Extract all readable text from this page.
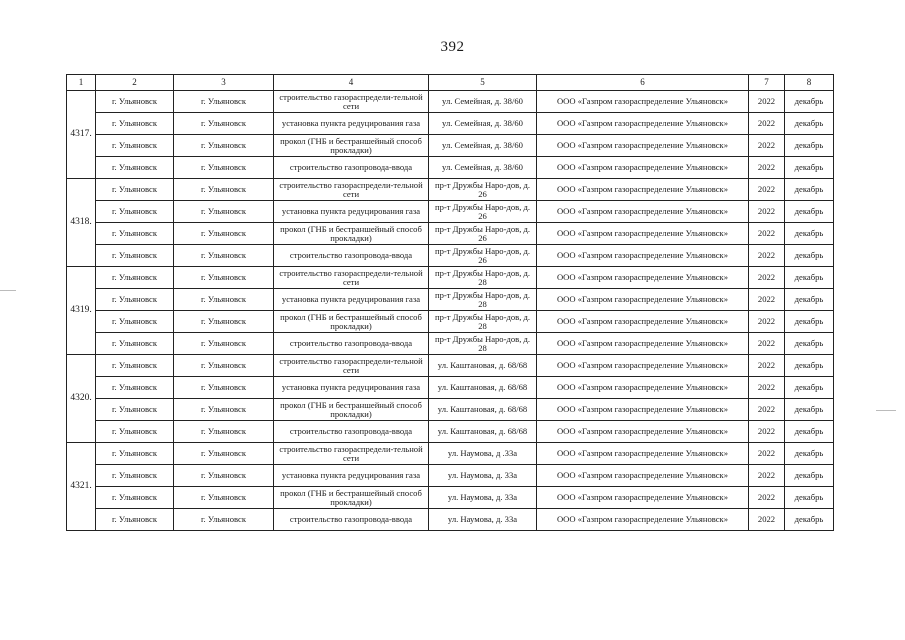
392
1	2	3	4	5	6	7	8
4317.	г. Ульяновск	г. Ульяновск	строительство газораспредели-тельной сети	ул. Семейная, д. 38/60	ООО «Газпром газораспределение Ульяновск»	2022	декабрь
	г. Ульяновск	г. Ульяновск	установка пункта редуцирования газа	ул. Семейная, д. 38/60	ООО «Газпром газораспределение Ульяновск»	2022	декабрь
	г. Ульяновск	г. Ульяновск	прокол (ГНБ и бестраншейный способ прокладки)	ул. Семейная, д. 38/60	ООО «Газпром газораспределение Ульяновск»	2022	декабрь
	г. Ульяновск	г. Ульяновск	строительство газопровода-ввода	ул. Семейная, д. 38/60	ООО «Газпром газораспределение Ульяновск»	2022	декабрь
4318.	г. Ульяновск	г. Ульяновск	строительство газораспредели-тельной сети	пр-т Дружбы Наро-дов, д. 26	ООО «Газпром газораспределение Ульяновск»	2022	декабрь
	г. Ульяновск	г. Ульяновск	установка пункта редуцирования газа	пр-т Дружбы Наро-дов, д. 26	ООО «Газпром газораспределение Ульяновск»	2022	декабрь
	г. Ульяновск	г. Ульяновск	прокол (ГНБ и бестраншейный способ прокладки)	пр-т Дружбы Наро-дов, д. 26	ООО «Газпром газораспределение Ульяновск»	2022	декабрь
	г. Ульяновск	г. Ульяновск	строительство газопровода-ввода	пр-т Дружбы Наро-дов, д. 26	ООО «Газпром газораспределение Ульяновск»	2022	декабрь
4319.	г. Ульяновск	г. Ульяновск	строительство газораспредели-тельной сети	пр-т Дружбы Наро-дов, д. 28	ООО «Газпром газораспределение Ульяновск»	2022	декабрь
	г. Ульяновск	г. Ульяновск	установка пункта редуцирования газа	пр-т Дружбы Наро-дов, д. 28	ООО «Газпром газораспределение Ульяновск»	2022	декабрь
	г. Ульяновск	г. Ульяновск	прокол (ГНБ и бестраншейный способ прокладки)	пр-т Дружбы Наро-дов, д. 28	ООО «Газпром газораспределение Ульяновск»	2022	декабрь
	г. Ульяновск	г. Ульяновск	строительство газопровода-ввода	пр-т Дружбы Наро-дов, д. 28	ООО «Газпром газораспределение Ульяновск»	2022	декабрь
4320.	г. Ульяновск	г. Ульяновск	строительство газораспредели-тельной сети	ул. Каштановая, д. 68/68	ООО «Газпром газораспределение Ульяновск»	2022	декабрь
	г. Ульяновск	г. Ульяновск	установка пункта редуцирования газа	ул. Каштановая, д. 68/68	ООО «Газпром газораспределение Ульяновск»	2022	декабрь
	г. Ульяновск	г. Ульяновск	прокол (ГНБ и бестраншейный способ прокладки)	ул. Каштановая, д. 68/68	ООО «Газпром газораспределение Ульяновск»	2022	декабрь
	г. Ульяновск	г. Ульяновск	строительство газопровода-ввода	ул. Каштановая, д. 68/68	ООО «Газпром газораспределение Ульяновск»	2022	декабрь
4321.	г. Ульяновск	г. Ульяновск	строительство газораспредели-тельной сети	ул. Наумова, д .33а	ООО «Газпром газораспределение Ульяновск»	2022	декабрь
	г. Ульяновск	г. Ульяновск	установка пункта редуцирования газа	ул. Наумова, д. 33а	ООО «Газпром газораспределение Ульяновск»	2022	декабрь
	г. Ульяновск	г. Ульяновск	прокол (ГНБ и бестраншейный способ прокладки)	ул. Наумова, д. 33а	ООО «Газпром газораспределение Ульяновск»	2022	декабрь
	г. Ульяновск	г. Ульяновск	строительство газопровода-ввода	ул. Наумова, д. 33а	ООО «Газпром газораспределение Ульяновск»	2022	декабрь
